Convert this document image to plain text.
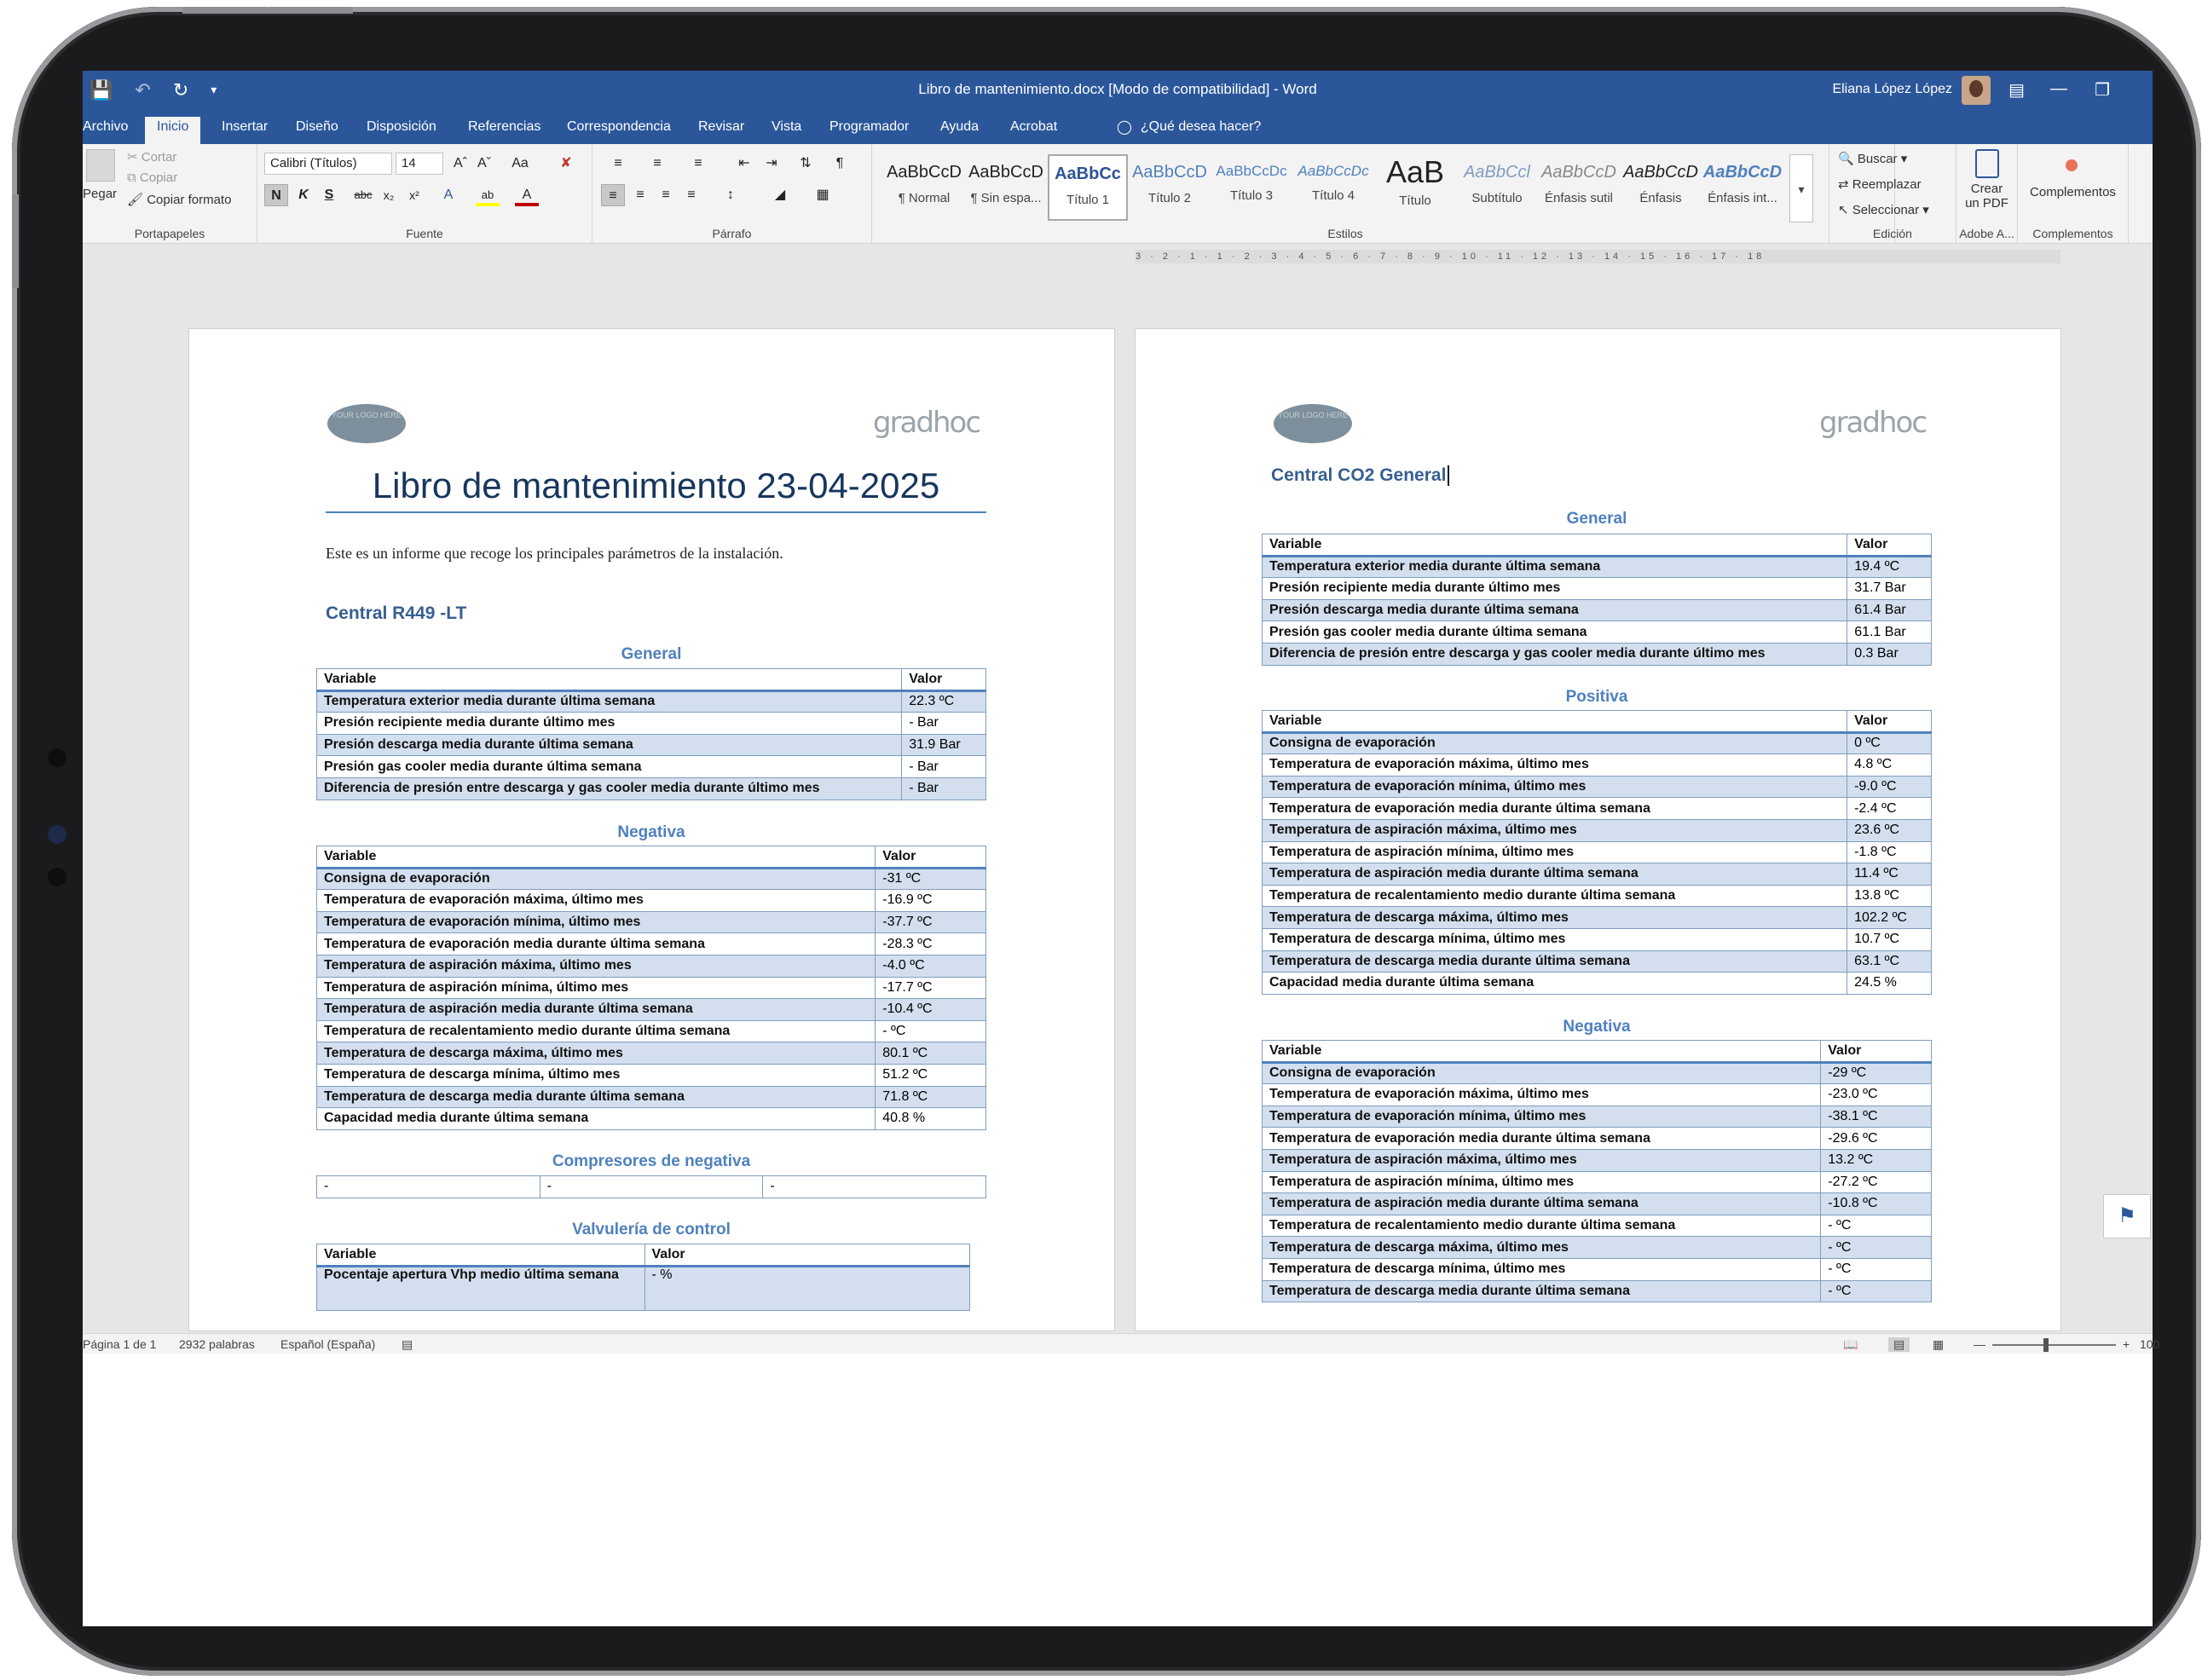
💾 ↶ ↻ ▾	Libro de mantenimiento.docx [Modo de compatibilidad] - Word	Eliana López López	▤ — ❐
Archivo	Inicio	Insertar Diseño Disposición Referencias Correspondencia Revisar Vista Programador Ayuda Acrobat	◯ ¿Qué desea hacer?
Pegar
✂ Cortar
⧉ Copiar
🖌 Copiar formato
Portapapeles
Calibri (Títulos)	14	Aˆ Aˇ	Aa	✘
N	K	S	abc x₂	x²	A	ab	A
Fuente
≡	≡	≡	⇤	⇥	⇅	¶
≡	≡	≡	≡	↕	◢	▦
Párrafo
AaBbCcD
¶ Normal
AaBbCcD
¶ Sin espa...
AaBbCc
Título 1
AaBbCcD
Título 2
AaBbCcDc
Título 3
AaBbCcDc
Título 4
AaB
Título
AaBbCcl
Subtítulo
AaBbCcD
Énfasis sutil
AaBbCcD
Énfasis
AaBbCcD
Énfasis int...
▾
Estilos
🔍 Buscar ▾
⇄ Reemplazar
↖ Seleccionar ▾
Edición
Crear
un PDF
Adobe A...
Complementos
Complementos
YOUR LOGO HERE	gradhoc
Libro de mantenimiento 23-04-2025
Este es un informe que recoge los principales parámetros de la instalación.
Central R449 -LT
General
Variable	Valor
Temperatura exterior media durante última semana	22.3 ºC
Presión recipiente media durante último mes	- Bar
Presión descarga media durante última semana	31.9 Bar
Presión gas cooler media durante última semana	- Bar
Diferencia de presión entre descarga y gas cooler media durante último mes	- Bar
Negativa
Variable	Valor
Consigna de evaporación	-31 ºC
Temperatura de evaporación máxima, último mes	-16.9 ºC
Temperatura de evaporación mínima, último mes	-37.7 ºC
Temperatura de evaporación media durante última semana	-28.3 ºC
Temperatura de aspiración máxima, último mes	-4.0 ºC
Temperatura de aspiración mínima, último mes	-17.7 ºC
Temperatura de aspiración media durante última semana	-10.4 ºC
Temperatura de recalentamiento medio durante última semana	- ºC
Temperatura de descarga máxima, último mes	80.1 ºC
Temperatura de descarga mínima, último mes	51.2 ºC
Temperatura de descarga media durante última semana	71.8 ºC
Capacidad media durante última semana	40.8 %
Compresores de negativa
-	-	-
Valvulería de control
Variable	Valor
Pocentaje apertura Vhp medio última semana	- %
YOUR LOGO HERE	gradhoc
Central CO2 General
General
Variable	Valor
Temperatura exterior media durante última semana	19.4 ºC
Presión recipiente media durante último mes	31.7 Bar
Presión descarga media durante última semana	61.4 Bar
Presión gas cooler media durante última semana	61.1 Bar
Diferencia de presión entre descarga y gas cooler media durante último mes	0.3 Bar
Positiva
Variable	Valor
Consigna de evaporación	0 ºC
Temperatura de evaporación máxima, último mes	4.8 ºC
Temperatura de evaporación mínima, último mes	-9.0 ºC
Temperatura de evaporación media durante última semana	-2.4 ºC
Temperatura de aspiración máxima, último mes	23.6 ºC
Temperatura de aspiración mínima, último mes	-1.8 ºC
Temperatura de aspiración media durante última semana	11.4 ºC
Temperatura de recalentamiento medio durante última semana	13.8 ºC
Temperatura de descarga máxima, último mes	102.2 ºC
Temperatura de descarga mínima, último mes	10.7 ºC
Temperatura de descarga media durante última semana	63.1 ºC
Capacidad media durante última semana	24.5 %
Negativa
Variable	Valor
Consigna de evaporación	-29 ºC
Temperatura de evaporación máxima, último mes	-23.0 ºC
Temperatura de evaporación mínima, último mes	-38.1 ºC
Temperatura de evaporación media durante última semana	-29.6 ºC
Temperatura de aspiración máxima, último mes	13.2 ºC
Temperatura de aspiración mínima, último mes	-27.2 ºC
Temperatura de aspiración media durante última semana	-10.8 ºC
Temperatura de recalentamiento medio durante última semana	- ºC
Temperatura de descarga máxima, último mes	- ºC
Temperatura de descarga mínima, último mes	- ºC
Temperatura de descarga media durante última semana	- ºC
3 · 2 · 1 · 1 · 2 · 3 · 4 · 5 · 6 · 7 · 8 · 9 · 10 · 11 · 12 · 13 · 14 · 15 · 16 · 17 · 18
⚑
Página 1 de 1 2932 palabras Español (España) ▤	📖	▤	▦ —	+ 100
